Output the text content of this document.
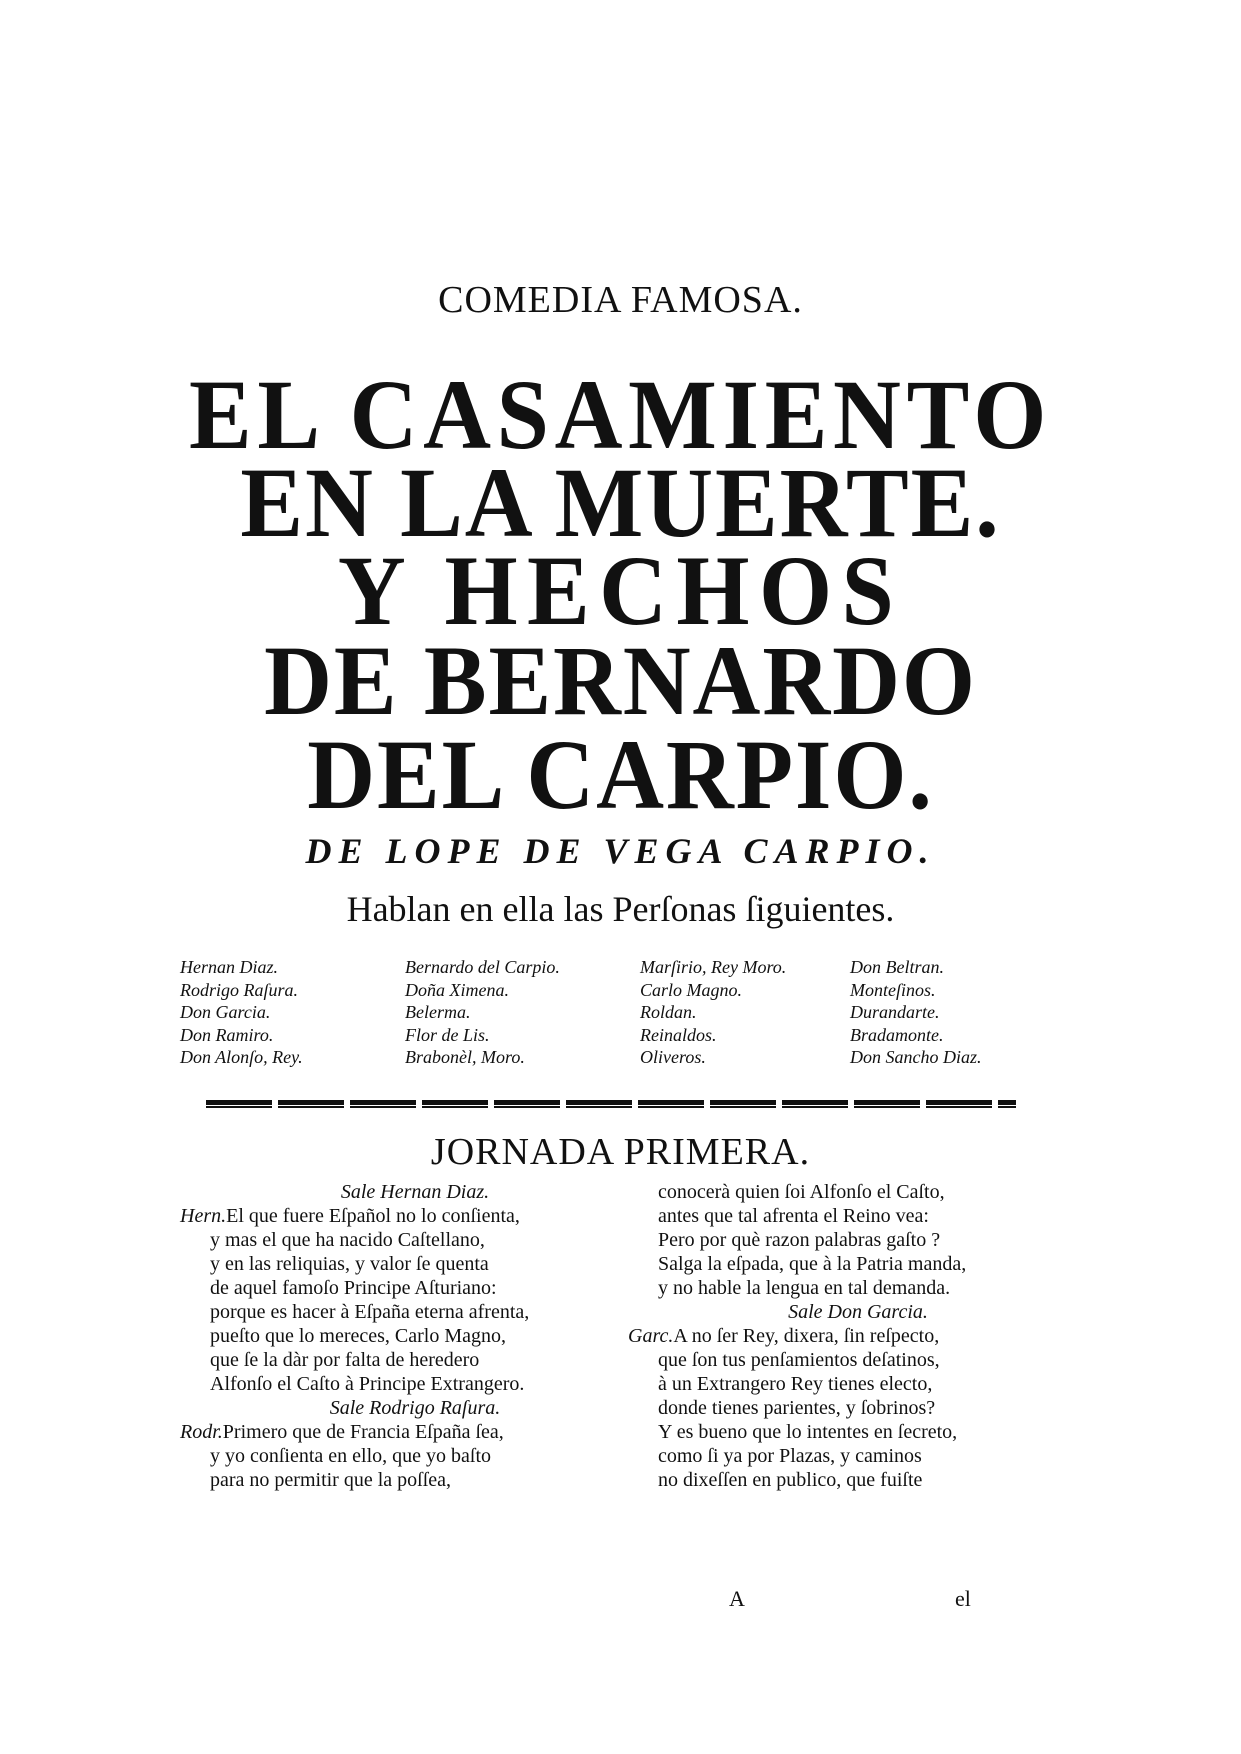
COMEDIA FAMOSA.
EL CASAMIENTO
EN LA MUERTE.
Y HECHOS
DE BERNARDO
DEL CARPIO.
DE LOPE DE VEGA CARPIO.
Hablan en ella las Perſonas ſiguientes.
Hernan Diaz.
Rodrigo Raſura.
Don Garcia.
Don Ramiro.
Don Alonſo, Rey.
Bernardo del Carpio.
Doña Ximena.
Belerma.
Flor de Lis.
Brabonèl, Moro.
Marſirio, Rey Moro.
Carlo Magno.
Roldan.
Reinaldos.
Oliveros.
Don Beltran.
Monteſinos.
Durandarte.
Bradamonte.
Don Sancho Diaz.
JORNADA PRIMERA.
Sale Hernan Diaz.
Hern.El que fuere Eſpañol no lo conſienta,
y mas el que ha nacido Caſtellano,
y en las reliquias, y valor ſe quenta
de aquel famoſo Principe Aſturiano:
porque es hacer à Eſpaña eterna afrenta,
pueſto que lo mereces, Carlo Magno,
que ſe la dàr por falta de heredero
Alfonſo el Caſto à Principe Extrangero.
Sale Rodrigo Raſura.
Rodr.Primero que de Francia Eſpaña ſea,
y yo conſienta en ello, que yo baſto
para no permitir que la poſſea,
conocerà quien ſoi Alfonſo el Caſto,
antes que tal afrenta el Reino vea:
Pero por què razon palabras gaſto ?
Salga la eſpada, que à la Patria manda,
y no hable la lengua en tal demanda.
Sale Don Garcia.
Garc.A no ſer Rey, dixera, ſin reſpecto,
que ſon tus penſamientos deſatinos,
à un Extrangero Rey tienes electo,
donde tienes parientes, y ſobrinos?
Y es bueno que lo intentes en ſecreto,
como ſi ya por Plazas, y caminos
no dixeſſen en publico, que fuiſte
A	el
